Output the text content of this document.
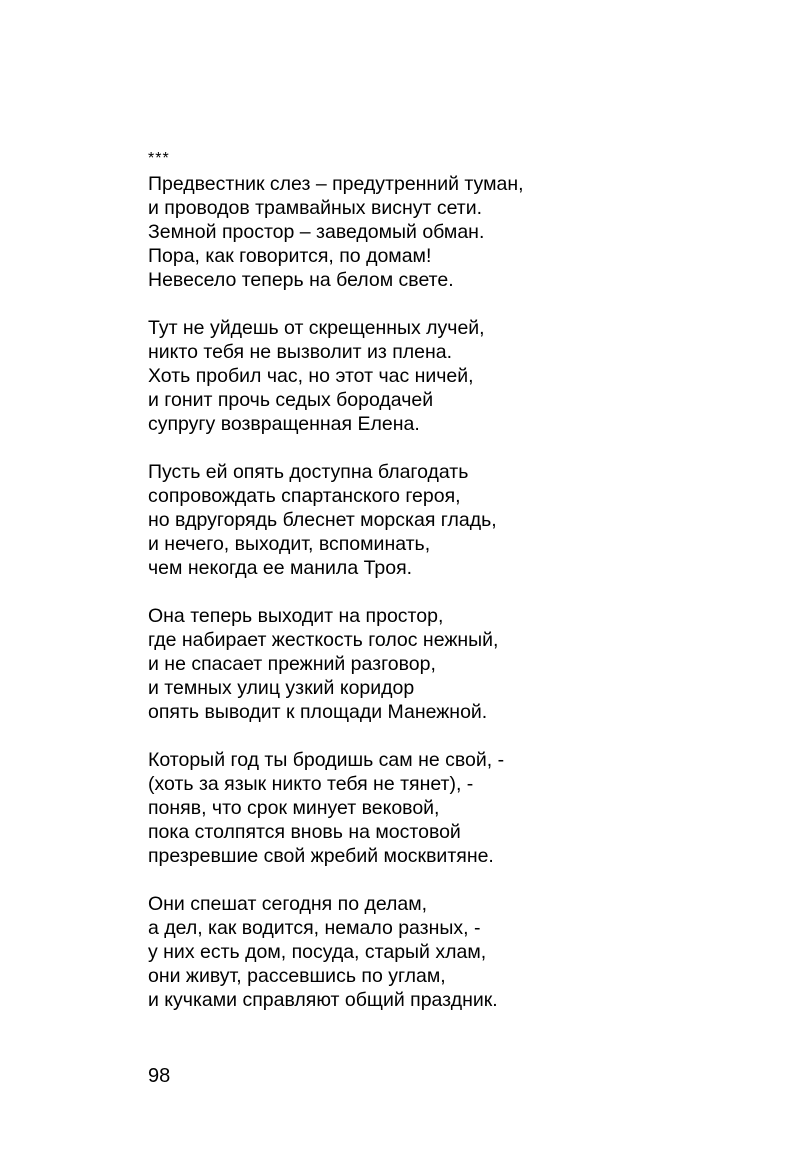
***
Предвестник слез – предутренний туман,
и проводов трамвайных виснут сети.
Земной простор – заведомый обман.
Пора, как говорится, по домам!
Невесело теперь на белом свете.
Тут не уйдешь от скрещенных лучей,
никто тебя не вызволит из плена.
Хоть пробил час, но этот час ничей,
и гонит прочь седых бородачей
супругу возвращенная Елена.
Пусть ей опять доступна благодать
сопровождать спартанского героя,
но вдругорядь блеснет морская гладь,
и нечего, выходит, вспоминать,
чем некогда ее манила Троя.
Она теперь выходит на простор,
где набирает жесткость голос нежный,
и не спасает прежний разговор,
и темных улиц узкий коридор
опять выводит к площади Манежной.
Который год ты бродишь сам не свой, -
(хоть за язык никто тебя не тянет), -
поняв, что срок минует вековой,
пока столпятся вновь на мостовой
презревшие свой жребий москвитяне.
Они спешат сегодня по делам,
а дел, как водится, немало разных, -
у них есть дом, посуда, старый хлам,
они живут, рассевшись по углам,
и кучками справляют общий праздник.
98
